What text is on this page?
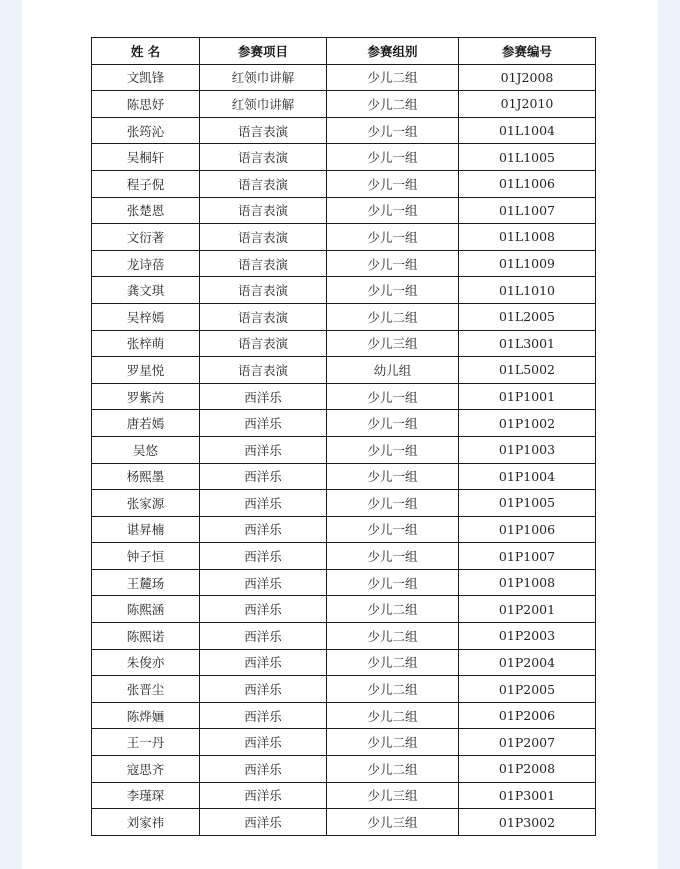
姓 名	参赛项目	参赛组别	参赛编号
文凯锋	红领巾讲解	少儿二组	01J2008
陈思妤	红领巾讲解	少儿二组	01J2010
张筠沁	语言表演	少儿一组	01L1004
吴桐轩	语言表演	少儿一组	01L1005
程子倪	语言表演	少儿一组	01L1006
张楚恩	语言表演	少儿一组	01L1007
文衍著	语言表演	少儿一组	01L1008
龙诗蓓	语言表演	少儿一组	01L1009
龚文琪	语言表演	少儿一组	01L1010
吴梓嫣	语言表演	少儿二组	01L2005
张梓萌	语言表演	少儿三组	01L3001
罗星悦	语言表演	幼儿组	01L5002
罗紫芮	西洋乐	少儿一组	01P1001
唐若嫣	西洋乐	少儿一组	01P1002
吴悠	西洋乐	少儿一组	01P1003
杨熙墨	西洋乐	少儿一组	01P1004
张家源	西洋乐	少儿一组	01P1005
谌昇楠	西洋乐	少儿一组	01P1006
钟子恒	西洋乐	少儿一组	01P1007
王麓玚	西洋乐	少儿一组	01P1008
陈熙涵	西洋乐	少儿二组	01P2001
陈熙诺	西洋乐	少儿二组	01P2003
朱俊亦	西洋乐	少儿二组	01P2004
张晋尘	西洋乐	少儿二组	01P2005
陈烨婳	西洋乐	少儿二组	01P2006
王一丹	西洋乐	少儿二组	01P2007
寇思齐	西洋乐	少儿二组	01P2008
李瑾琛	西洋乐	少儿三组	01P3001
刘家祎	西洋乐	少儿三组	01P3002
